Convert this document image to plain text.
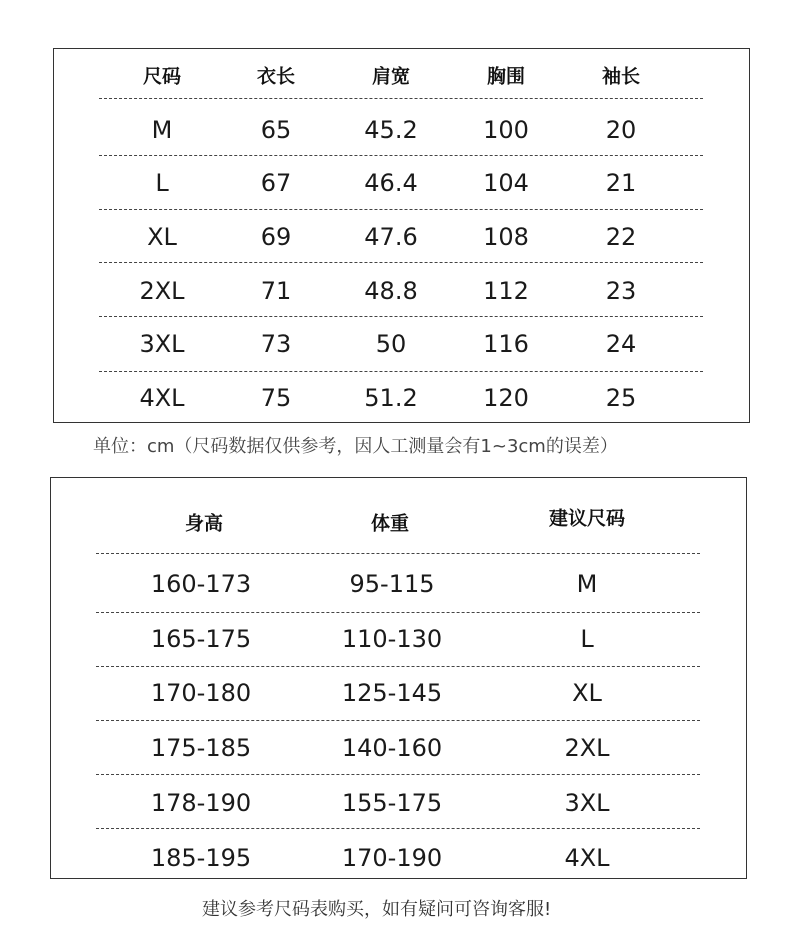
尺码	衣长	肩宽	胸围	袖长
M	65	45.2	100	20
L	67	46.4	104	21
XL	69	47.6	108	22
2XL	71	48.8	112	23
3XL	73	50	116	24
4XL	75	51.2	120	25
单位：cm（尺码数据仅供参考，因人工测量会有1~3cm的误差）
身高	体重	建议尺码
160-173	95-115	M
165-175	110-130	L
170-180	125-145	XL
175-185	140-160	2XL
178-190	155-175	3XL
185-195	170-190	4XL
建议参考尺码表购买，如有疑问可咨询客服!
